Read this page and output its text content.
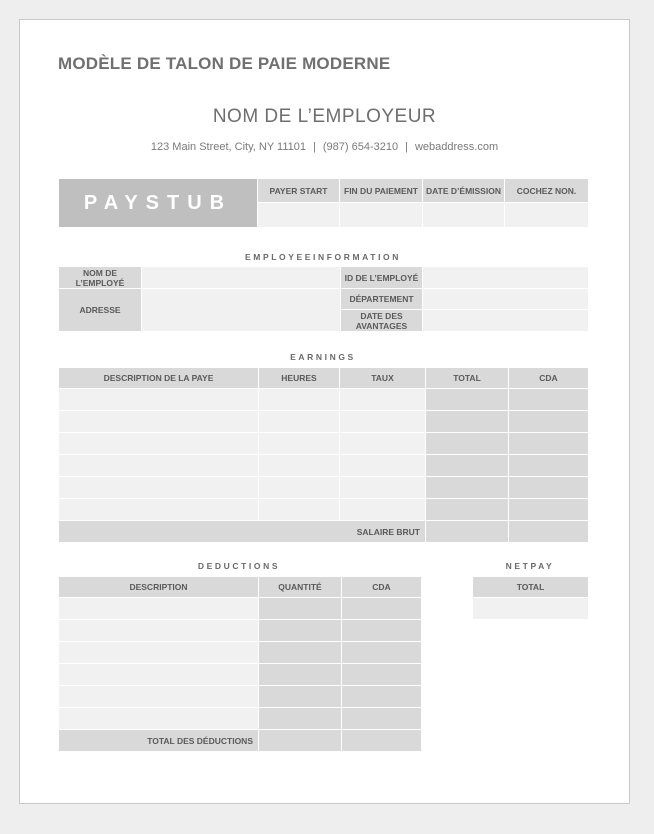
MODÈLE DE TALON DE PAIE MODERNE
NOM DE L’EMPLOYEUR
123 Main Street, City, NY 11101 | (987) 654-3210 | webaddress.com
PAYSTUB	PAYER START	FIN DU PAIEMENT	DATE D’ÉMISSION	COCHEZ NON.

EMPLOYEEINFORMATION
NOM DE L’EMPLOYÉ		ID DE L’EMPLOYÉ	
ADRESSE		DÉPARTEMENT	
		DATE DES AVANTAGES	
EARNINGS
DESCRIPTION DE LA PAYE	HEURES	TAUX	TOTAL	CDA

SALAIRE BRUT				
DEDUCTIONS
DESCRIPTION	QUANTITÉ	CDA

TOTAL DES DÉDUCTIONS		
NETPAY
TOTAL
